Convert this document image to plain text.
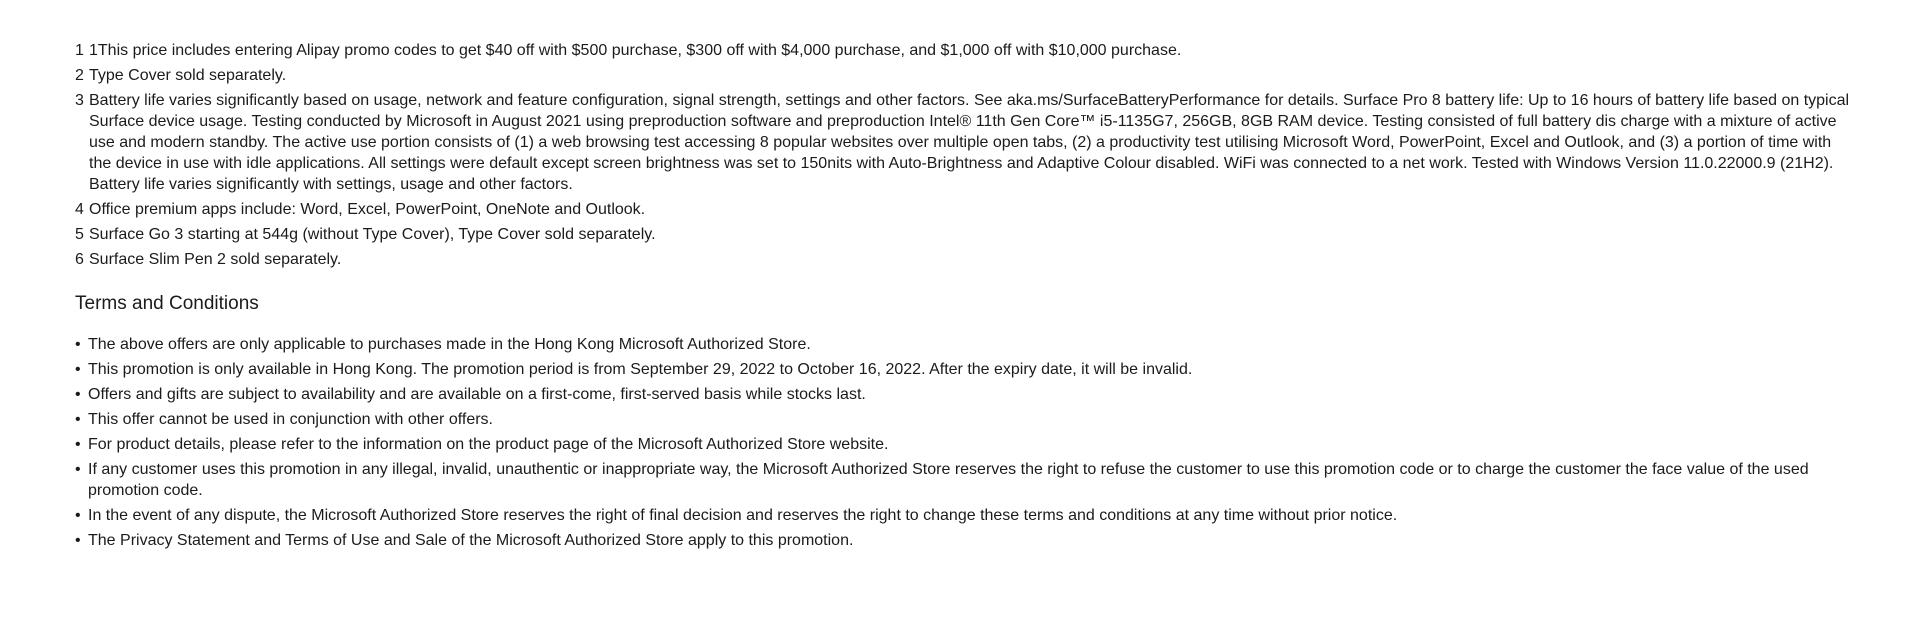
1 1This price includes entering Alipay promo codes to get $40 off with $500 purchase, $300 off with $4,000 purchase, and $1,000 off with $10,000 purchase.
2 Type Cover sold separately.
3 Battery life varies significantly based on usage, network and feature configuration, signal strength, settings and other factors. See aka.ms/SurfaceBatteryPerformance for details. Surface Pro 8 battery life: Up to 16 hours of battery life based on typical Surface device usage. Testing conducted by Microsoft in August 2021 using preproduction software and preproduction Intel® 11th Gen Core™ i5-1135G7, 256GB, 8GB RAM device. Testing consisted of full battery dis charge with a mixture of active use and modern standby. The active use portion consists of (1) a web browsing test accessing 8 popular websites over multiple open tabs, (2) a productivity test utilising Microsoft Word, PowerPoint, Excel and Outlook, and (3) a portion of time with the device in use with idle applications. All settings were default except screen brightness was set to 150nits with Auto-Brightness and Adaptive Colour disabled. WiFi was connected to a net work. Tested with Windows Version 11.0.22000.9 (21H2). Battery life varies significantly with settings, usage and other factors.
4 Office premium apps include: Word, Excel, PowerPoint, OneNote and Outlook.
5 Surface Go 3 starting at 544g (without Type Cover), Type Cover sold separately.
6 Surface Slim Pen 2 sold separately.
Terms and Conditions
• The above offers are only applicable to purchases made in the Hong Kong Microsoft Authorized Store.
• This promotion is only available in Hong Kong. The promotion period is from September 29, 2022 to October 16, 2022. After the expiry date, it will be invalid.
• Offers and gifts are subject to availability and are available on a first-come, first-served basis while stocks last.
• This offer cannot be used in conjunction with other offers.
• For product details, please refer to the information on the product page of the Microsoft Authorized Store website.
• If any customer uses this promotion in any illegal, invalid, unauthentic or inappropriate way, the Microsoft Authorized Store reserves the right to refuse the customer to use this promotion code or to charge the customer the face value of the used promotion code.
• In the event of any dispute, the Microsoft Authorized Store reserves the right of final decision and reserves the right to change these terms and conditions at any time without prior notice.
• The Privacy Statement and Terms of Use and Sale of the Microsoft Authorized Store apply to this promotion.
